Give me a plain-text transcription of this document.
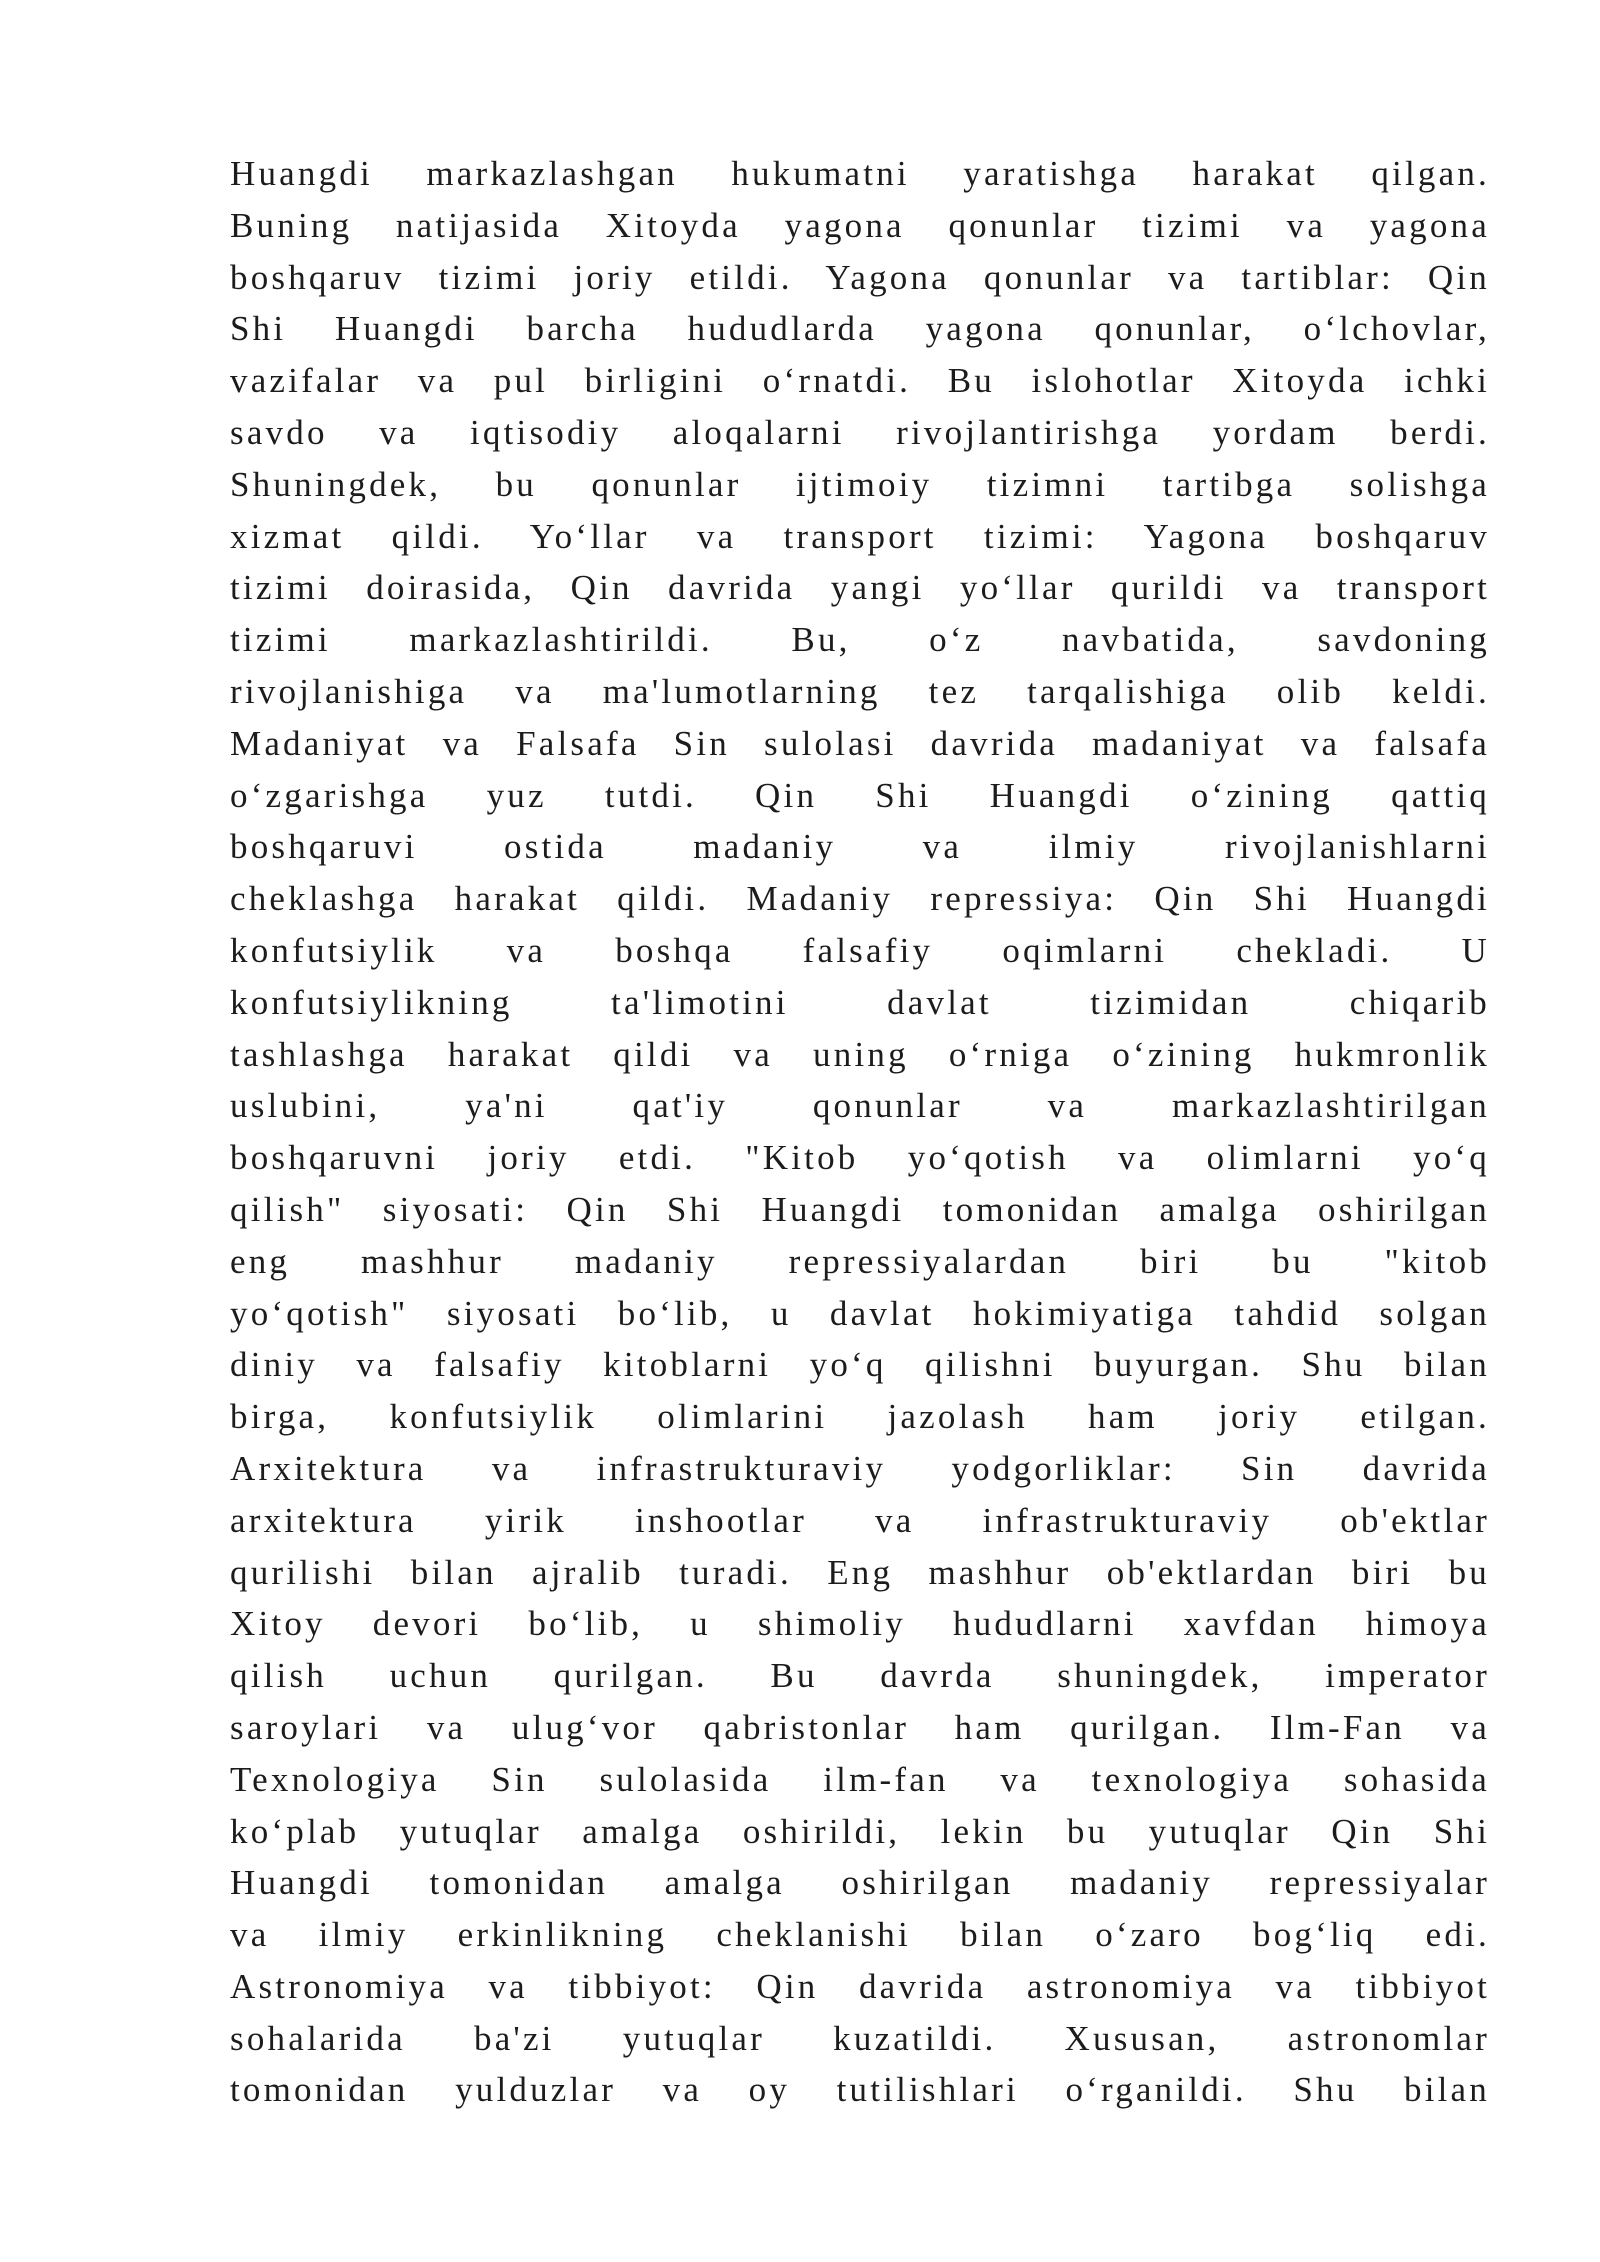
Huangdi markazlashgan hukumatni yaratishga harakat qilgan.
Buning natijasida Xitoyda yagona qonunlar tizimi va yagona
boshqaruv tizimi joriy etildi. Yagona qonunlar va tartiblar: Qin
Shi Huangdi barcha hududlarda yagona qonunlar, o‘lchovlar,
vazifalar va pul birligini o‘rnatdi. Bu islohotlar Xitoyda ichki
savdo va iqtisodiy aloqalarni rivojlantirishga yordam berdi.
Shuningdek, bu qonunlar ijtimoiy tizimni tartibga solishga
xizmat qildi. Yo‘llar va transport tizimi: Yagona boshqaruv
tizimi doirasida, Qin davrida yangi yo‘llar qurildi va transport
tizimi markazlashtirildi. Bu, o‘z navbatida, savdoning
rivojlanishiga va ma'lumotlarning tez tarqalishiga olib keldi.
Madaniyat va Falsafa Sin sulolasi davrida madaniyat va falsafa
o‘zgarishga yuz tutdi. Qin Shi Huangdi o‘zining qattiq
boshqaruvi ostida madaniy va ilmiy rivojlanishlarni
cheklashga harakat qildi. Madaniy repressiya: Qin Shi Huangdi
konfutsiylik va boshqa falsafiy oqimlarni chekladi. U
konfutsiylikning ta'limotini davlat tizimidan chiqarib
tashlashga harakat qildi va uning o‘rniga o‘zining hukmronlik
uslubini, ya'ni qat'iy qonunlar va markazlashtirilgan
boshqaruvni joriy etdi. "Kitob yo‘qotish va olimlarni yo‘q
qilish" siyosati: Qin Shi Huangdi tomonidan amalga oshirilgan
eng mashhur madaniy repressiyalardan biri bu "kitob
yo‘qotish" siyosati bo‘lib, u davlat hokimiyatiga tahdid solgan
diniy va falsafiy kitoblarni yo‘q qilishni buyurgan. Shu bilan
birga, konfutsiylik olimlarini jazolash ham joriy etilgan.
Arxitektura va infrastrukturaviy yodgorliklar: Sin davrida
arxitektura yirik inshootlar va infrastrukturaviy ob'ektlar
qurilishi bilan ajralib turadi. Eng mashhur ob'ektlardan biri bu
Xitoy devori bo‘lib, u shimoliy hududlarni xavfdan himoya
qilish uchun qurilgan. Bu davrda shuningdek, imperator
saroylari va ulug‘vor qabristonlar ham qurilgan. Ilm-Fan va
Texnologiya Sin sulolasida ilm-fan va texnologiya sohasida
ko‘plab yutuqlar amalga oshirildi, lekin bu yutuqlar Qin Shi
Huangdi tomonidan amalga oshirilgan madaniy repressiyalar
va ilmiy erkinlikning cheklanishi bilan o‘zaro bog‘liq edi.
Astronomiya va tibbiyot: Qin davrida astronomiya va tibbiyot
sohalarida ba'zi yutuqlar kuzatildi. Xususan, astronomlar
tomonidan yulduzlar va oy tutilishlari o‘rganildi. Shu bilan
